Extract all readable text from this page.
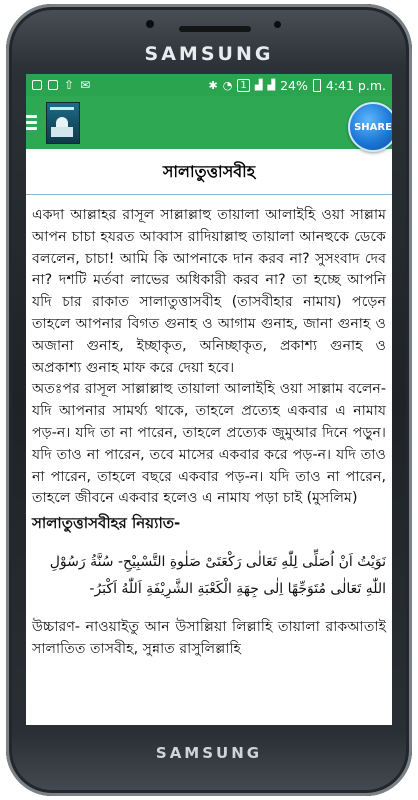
SAMSUNG
SAMSUNG
⇧ ✉	✱ ◔ 1 ▟ ▟ 24% 4:41 p.m.
SHARE
সালাতুত্তাসবীহ

একদা আল্লাহর রাসূল সাল্লাল্লাহু তায়ালা আলাইহি ওয়া সাল্লাম আপন চাচা হযরত আব্বাস রাদিয়াল্লাহু তায়ালা আনহুকে ডেকে বললেন, চাচা! আমি কি আপনাকে দান করব না? সুসংবাদ দেব না? দশটি মর্তবা লাভের অধিকারী করব না? তা হচ্ছে আপনি যদি চার রাকাত সালাতুত্তাসবীহ (তাসবীহার নামায) পড়েন তাহলে আপনার বিগত গুনাহ ও আগাম গুনাহ, জানা গুনাহ ও অজানা গুনাহ, ইচ্ছাকৃত, অনিচ্ছাকৃত, প্রকাশ্য গুনাহ ও অপ্রকাশ্য গুনাহ মাফ করে দেয়া হবে।

অতঃপর রাসূল সাল্লাল্লাহু তায়ালা আলাইহি ওয়া সাল্লাম বলেন- যদি আপনার সামর্থ্য থাকে, তাহলে প্রত্যেহ একবার এ নামায পড়-ন। যদি তা না পারেন, তাহলে প্রত্যেক জুমুআর দিনে পড়ুন। যদি তাও না পারেন, তবে মাসের একবার করে পড়-ন। যদি তাও না পারেন, তাহলে বছরে একবার পড়-ন। যদি তাও না পারেন, তাহলে জীবনে একবার হলেও এ নামায পড়া চাই (মুসলিম)

সালাতুত্তাসবীহর নিয়্যাত-

نَوَيْتُ اَنْ اُصَلِّى لِلّٰهِ تَعَالٰى رَكْعَتَىْ صَلٰوةِ التَّسْبِيْحِ- سُنَّةُ رَسُوْلِ اللّٰهِ تَعَالٰى مُتَوَجِّهًا اِلٰى جِهَةِ الْكَعْبَةِ الشَّرِيْفَةِ اَللّٰهُ اَكْبَرُ-

উচ্চারণ- নাওয়াইতু আন উসাল্লিয়া লিল্লাহি তায়ালা রাকআতাই সালাতিত তাসবীহ, সুন্নাত রাসুলিল্লাহি
